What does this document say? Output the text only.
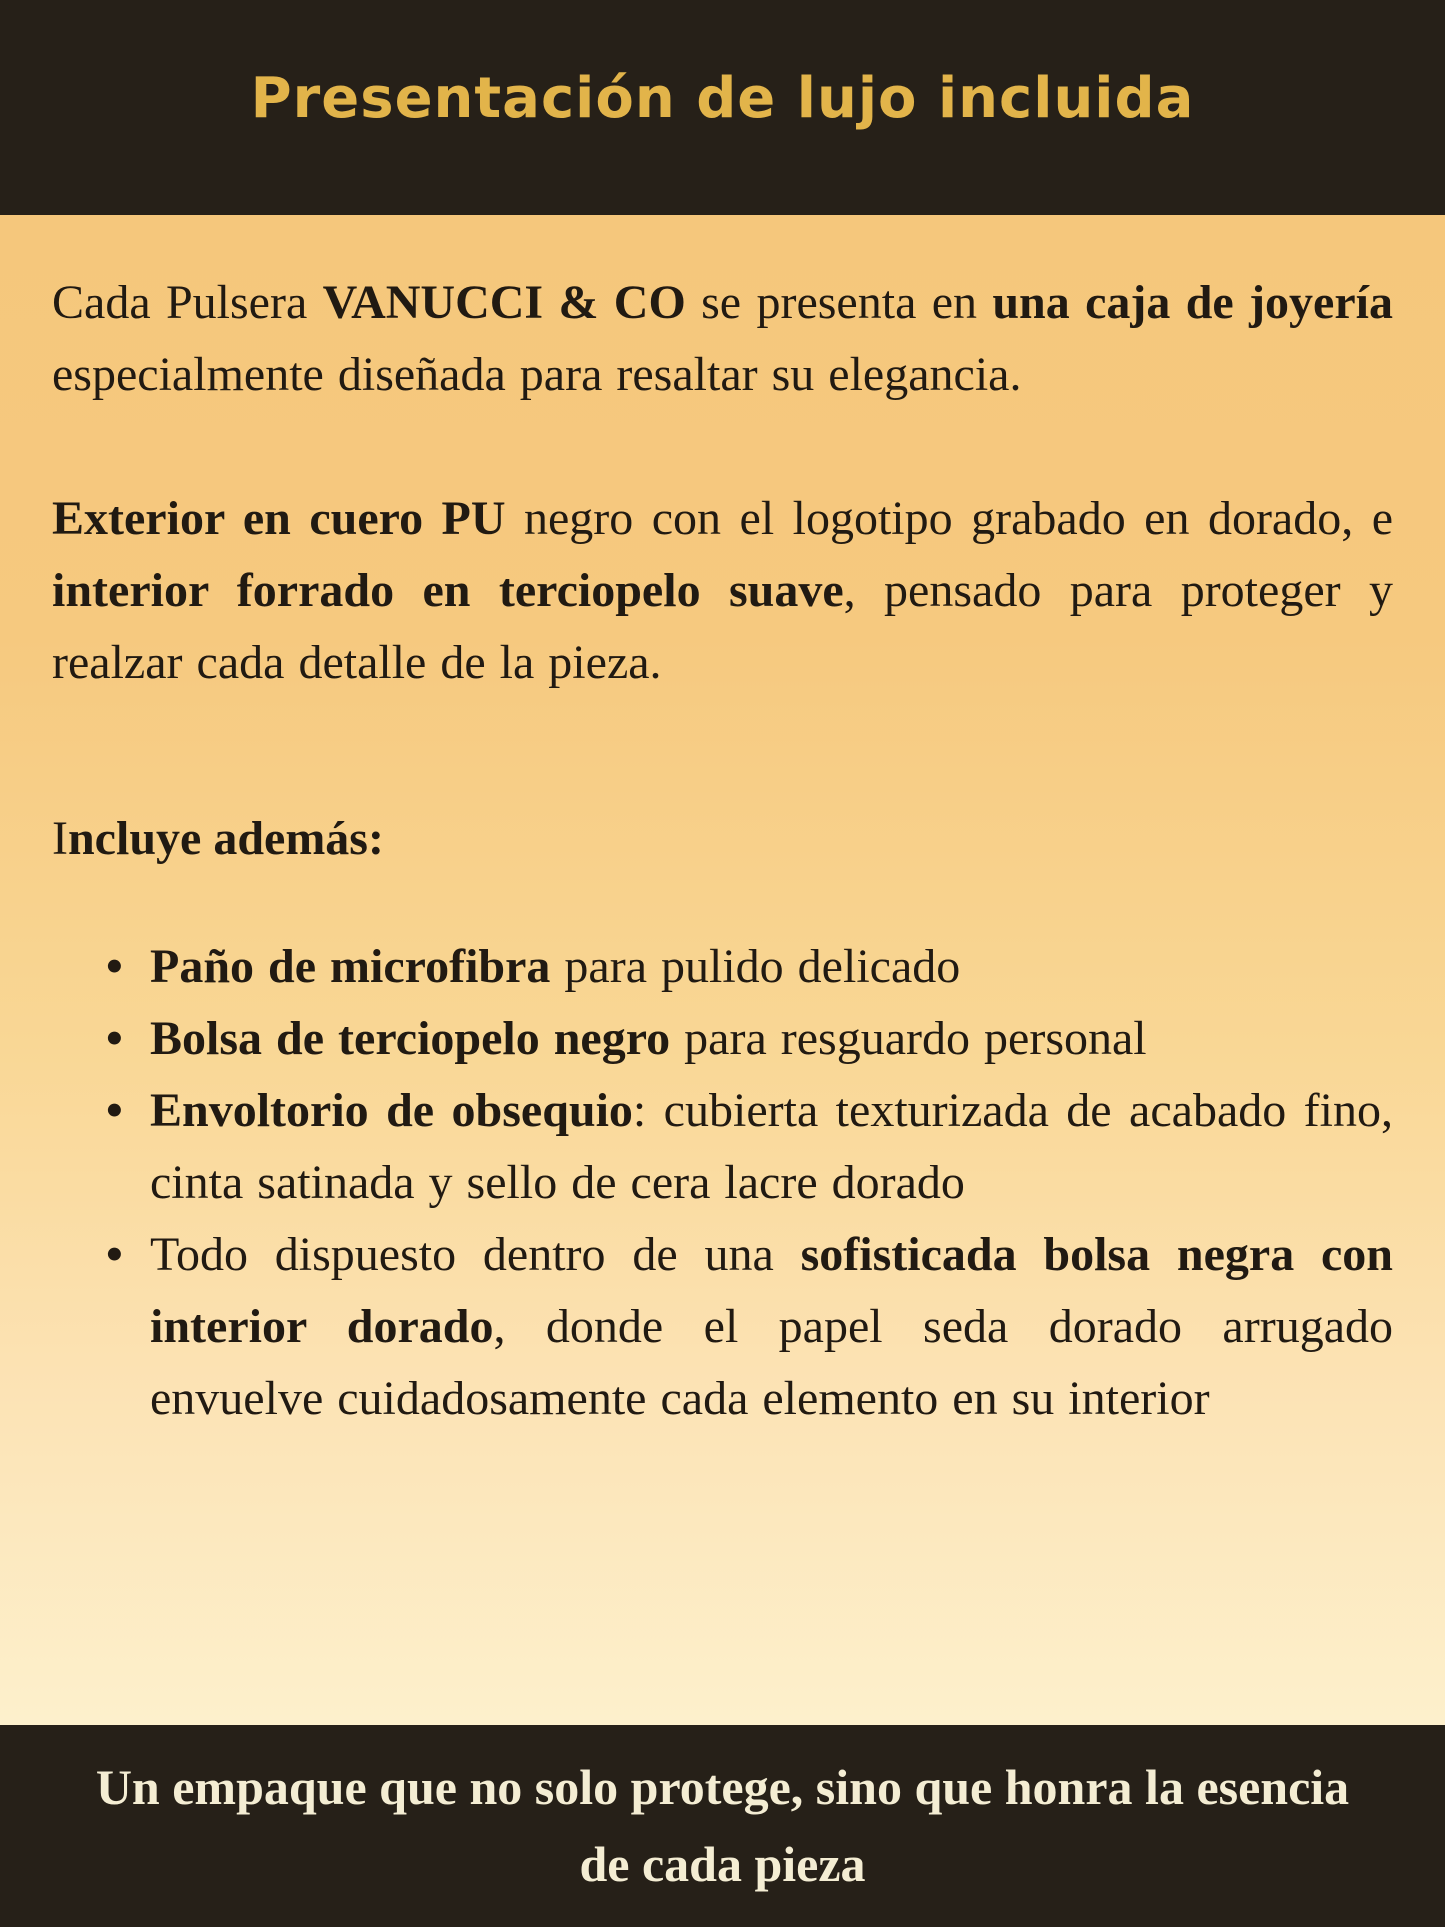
Presentación de lujo incluida

Cada Pulsera VANUCCI & CO se presenta en una caja de joyería especialmente diseñada para resaltar su elegancia.

Exterior en cuero PU negro con el logotipo grabado en dorado, e interior forrado en terciopelo suave, pensado para proteger y realzar cada detalle de la pieza.

Incluye además:
• Paño de microfibra para pulido delicado
• Bolsa de terciopelo negro para resguardo personal
• Envoltorio de obsequio: cubierta texturizada de acabado fino, cinta satinada y sello de cera lacre dorado
• Todo dispuesto dentro de una sofisticada bolsa negra con interior dorado, donde el papel seda dorado arrugado envuelve cuidadosamente cada elemento en su interior

Un empaque que no solo protege, sino que honra la esencia de cada pieza
